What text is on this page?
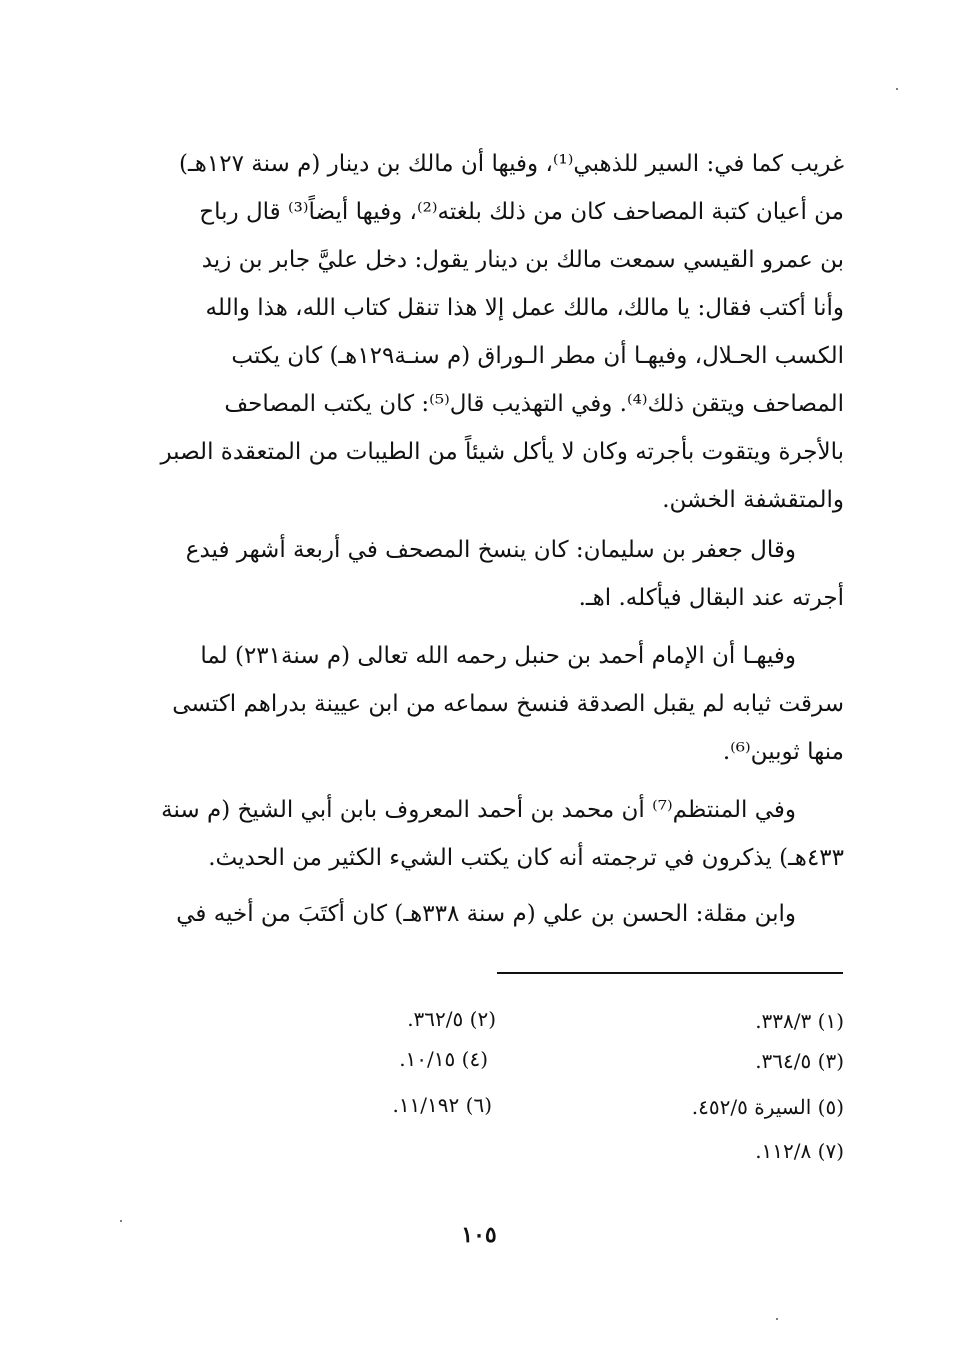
غريب كما في: السير للذهبي⁽¹⁾، وفيها أن مالك بن دينار (م سنة ١٢٧هـ)
من أعيان كتبة المصاحف كان من ذلك بلغته⁽²⁾، وفيها أيضاً⁽³⁾ قال رباح
بن عمرو القيسي سمعت مالك بن دينار يقول: دخل عليَّ جابر بن زيد
وأنا أكتب فقال: يا مالك، مالك عمل إلا هذا تنقل كتاب الله، هذا والله
الكسب الحـلال، وفيهـا أن مطر الـوراق (م سنـة١٢٩هـ) كان يكتب
المصاحف ويتقن ذلك⁽⁴⁾. وفي التهذيب قال⁽⁵⁾: كان يكتب المصاحف
بالأجرة ويتقوت بأجرته وكان لا يأكل شيئاً من الطيبات من المتعقدة الصبر
والمتقشفة الخشن.
وقال جعفر بن سليمان: كان ينسخ المصحف في أربعة أشهر فيدع
أجرته عند البقال فيأكله. اهـ.
وفيهـا أن الإمام أحمد بن حنبل رحمه الله تعالى (م سنة٢٣١) لما
سرقت ثيابه لم يقبل الصدقة فنسخ سماعه من ابن عيينة بدراهم اكتسى
منها ثوبين⁽⁶⁾.
وفي المنتظم⁽⁷⁾ أن محمد بن أحمد المعروف بابن أبي الشيخ (م سنة
٤٣٣هـ) يذكرون في ترجمته أنه كان يكتب الشيء الكثير من الحديث.
وابن مقلة: الحسن بن علي (م سنة ٣٣٨هـ) كان أكتَبَ من أخيه في
(١) ٣٣٨/٣.
(٢) ٣٦٢/٥.
(٣) ٣٦٤/٥.
(٤) ١٠/١٥.
(٥) السيرة ٤٥٢/٥.
(٦) ١١/١٩٢.
(٧) ١١٢/٨.
١٠٥
